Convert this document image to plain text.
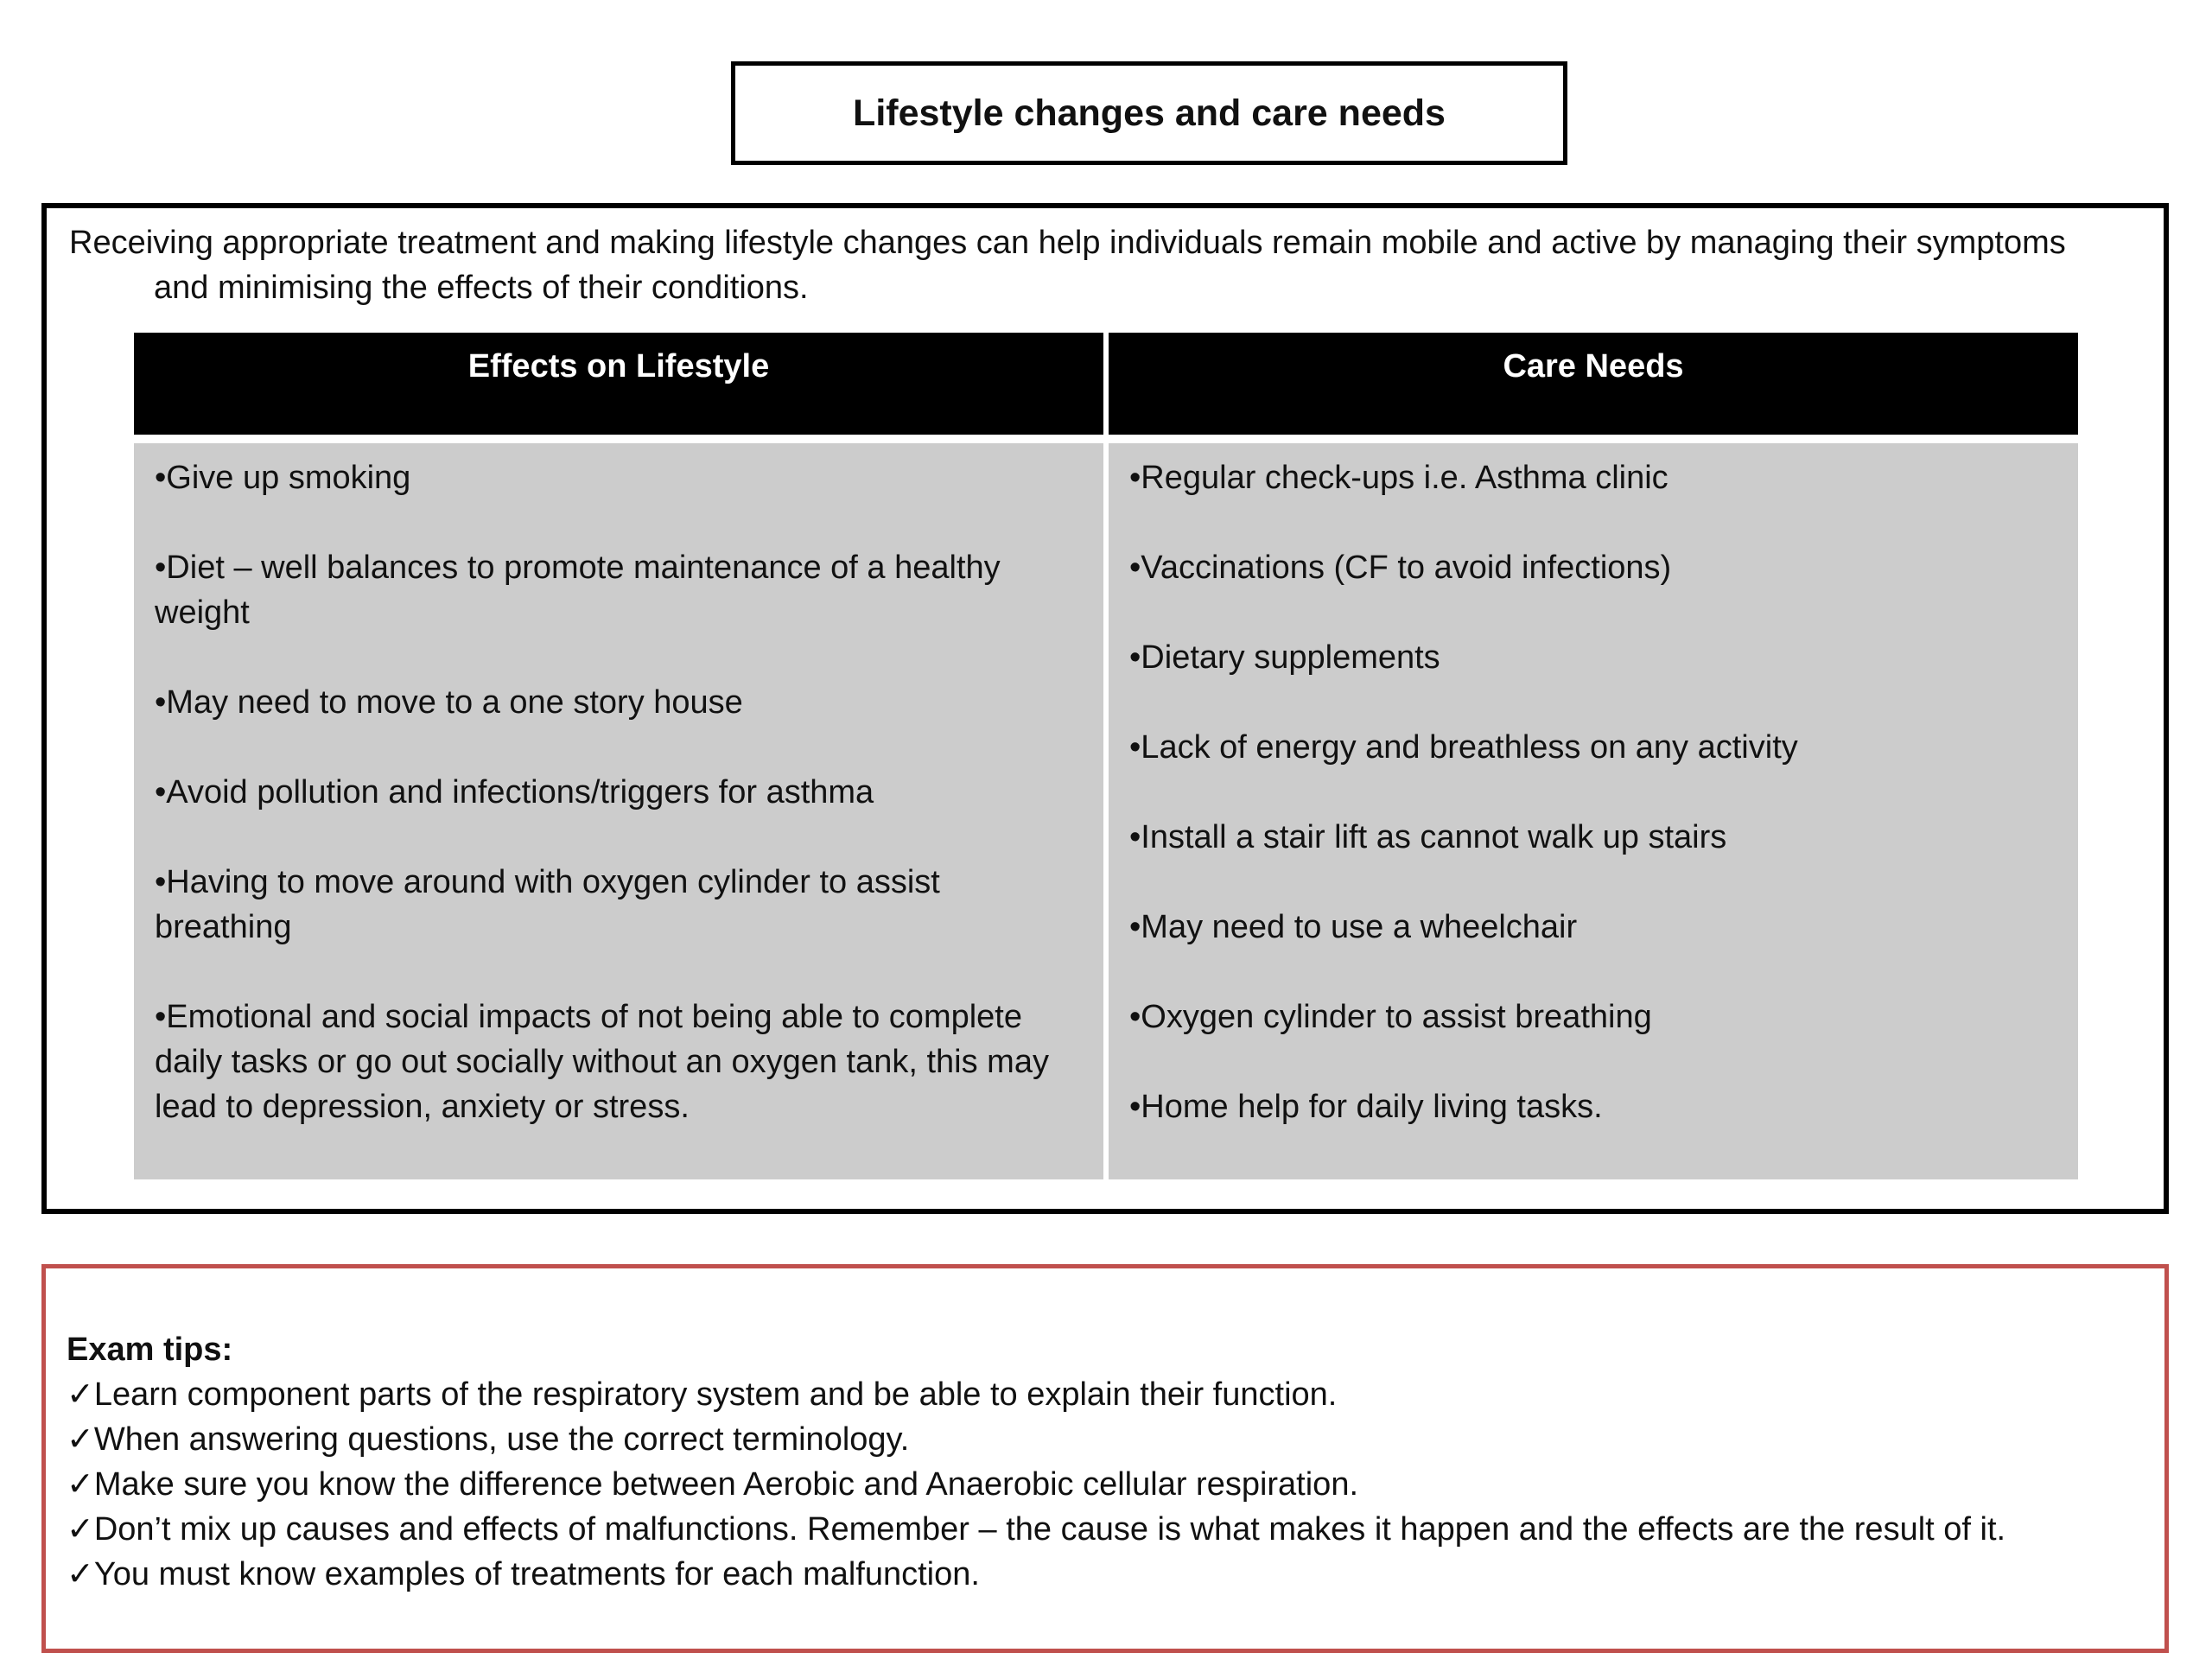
Lifestyle changes and care needs
Receiving appropriate treatment and making lifestyle changes can help individuals remain mobile and active by managing their symptoms and minimising the effects of their conditions.
Effects on Lifestyle

•Give up smoking

•Diet – well balances to promote maintenance of a healthy weight

•May need to move to a one story house

•Avoid pollution and infections/triggers for asthma

•Having to move around with oxygen cylinder to assist breathing

•Emotional and social impacts of not being able to complete daily tasks or go out socially without an oxygen tank, this may lead to depression, anxiety or stress.

Care Needs

•Regular check-ups i.e. Asthma clinic

•Vaccinations (CF to avoid infections)

•Dietary supplements

•Lack of energy and breathless on any activity

•Install a stair lift as cannot walk up stairs

•May need to use a wheelchair

•Oxygen cylinder to assist breathing

•Home help for daily living tasks.

Exam tips:
✓Learn component parts of the respiratory system and be able to explain their function.
✓When answering questions, use the correct terminology.
✓Make sure you know the difference between Aerobic and Anaerobic cellular respiration.
✓Don’t mix up causes and effects of malfunctions. Remember – the cause is what makes it happen and the effects are the result of it.
✓You must know examples of treatments for each malfunction.
